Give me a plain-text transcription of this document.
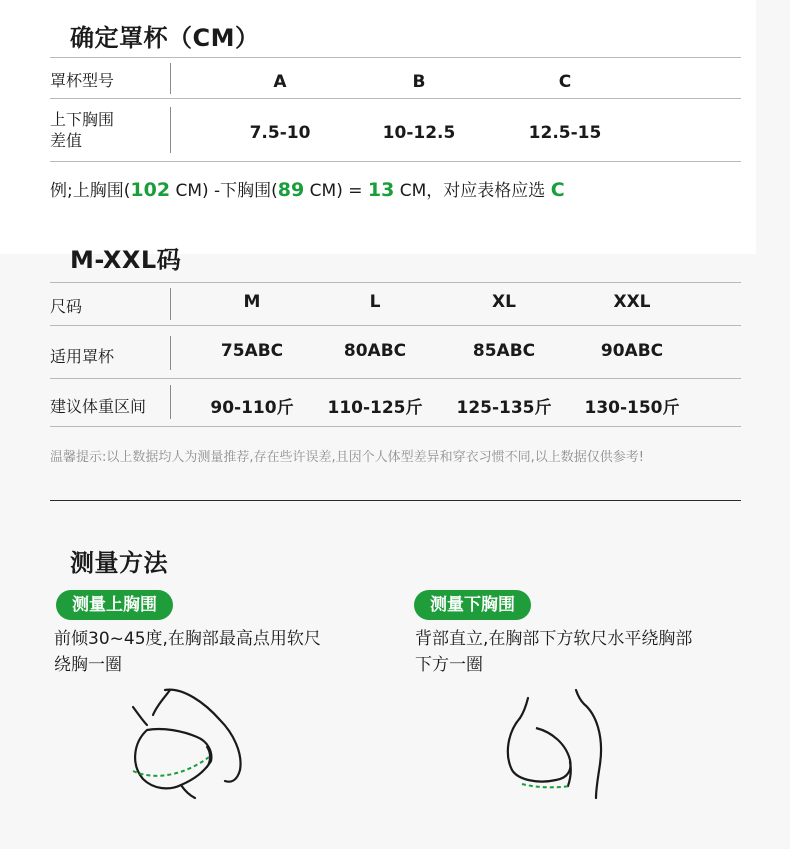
确定罩杯（CM）
罩杯型号	A	B	C
上下胸围
差值	7.5-10	10-12.5	12.5-15
例;上胸围(102 CM) -下胸围(89 CM) = 13 CM，对应表格应选 C
M-XXL码
尺码	M	L	XL	XXL
适用罩杯	75ABC	80ABC	85ABC	90ABC
建议体重区间	90-110斤	110-125斤	125-135斤	130-150斤
温馨提示:以上数据均人为测量推荐,存在些许误差,且因个人体型差异和穿衣习惯不同,以上数据仅供参考!
测量方法
测量上胸围
前倾30~45度,在胸部最高点用软尺
绕胸一圈
测量下胸围
背部直立,在胸部下方软尺水平绕胸部
下方一圈
